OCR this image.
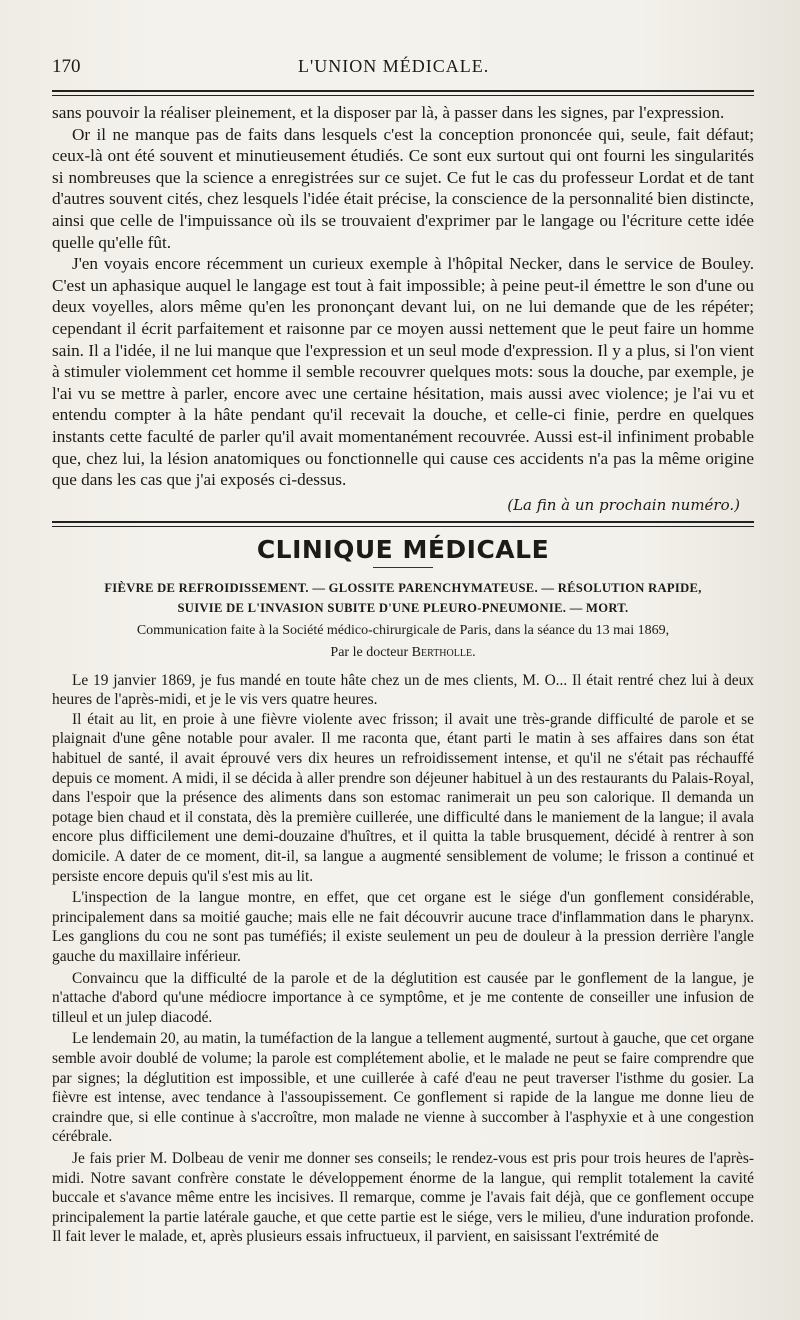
170	L'UNION MÉDICALE.

sans pouvoir la réaliser pleinement, et la disposer par là, à passer dans les signes, par l'expression.

Or il ne manque pas de faits dans lesquels c'est la conception prononcée qui, seule, fait défaut; ceux-là ont été souvent et minutieusement étudiés. Ce sont eux surtout qui ont fourni les singularités si nombreuses que la science a enregistrées sur ce sujet. Ce fut le cas du professeur Lordat et de tant d'autres souvent cités, chez lesquels l'idée était précise, la conscience de la personnalité bien distincte, ainsi que celle de l'impuissance où ils se trouvaient d'exprimer par le langage ou l'écriture cette idée quelle qu'elle fût.

J'en voyais encore récemment un curieux exemple à l'hôpital Necker, dans le service de Bouley. C'est un aphasique auquel le langage est tout à fait impossible; à peine peut-il émettre le son d'une ou deux voyelles, alors même qu'en les prononçant devant lui, on ne lui demande que de les répéter; cependant il écrit parfaitement et raisonne par ce moyen aussi nettement que le peut faire un homme sain. Il a l'idée, il ne lui manque que l'expression et un seul mode d'expression. Il y a plus, si l'on vient à stimuler violemment cet homme il semble recouvrer quelques mots: sous la douche, par exemple, je l'ai vu se mettre à parler, encore avec une certaine hésitation, mais aussi avec violence; je l'ai vu et entendu compter à la hâte pendant qu'il recevait la douche, et celle-ci finie, perdre en quelques instants cette faculté de parler qu'il avait momentanément recouvrée. Aussi est-il infiniment probable que, chez lui, la lésion anatomiques ou fonctionnelle qui cause ces accidents n'a pas la même origine que dans les cas que j'ai exposés ci-dessus.

(La fin à un prochain numéro.)

CLINIQUE MÉDICALE

FIÈVRE DE REFROIDISSEMENT. — GLOSSITE PARENCHYMATEUSE. — RÉSOLUTION RAPIDE,

SUIVIE DE L'INVASION SUBITE D'UNE PLEURO-PNEUMONIE. — MORT.

Communication faite à la Société médico-chirurgicale de Paris, dans la séance du 13 mai 1869,

Par le docteur Bertholle.

Le 19 janvier 1869, je fus mandé en toute hâte chez un de mes clients, M. O... Il était rentré chez lui à deux heures de l'après-midi, et je le vis vers quatre heures.

Il était au lit, en proie à une fièvre violente avec frisson; il avait une très-grande difficulté de parole et se plaignait d'une gêne notable pour avaler. Il me raconta que, étant parti le matin à ses affaires dans son état habituel de santé, il avait éprouvé vers dix heures un refroidissement intense, et qu'il ne s'était pas réchauffé depuis ce moment. A midi, il se décida à aller prendre son déjeuner habituel à un des restaurants du Palais-Royal, dans l'espoir que la présence des aliments dans son estomac ranimerait un peu son calorique. Il demanda un potage bien chaud et il constata, dès la première cuillerée, une difficulté dans le maniement de la langue; il avala encore plus difficilement une demi-douzaine d'huîtres, et il quitta la table brusquement, décidé à rentrer à son domicile. A dater de ce moment, dit-il, sa langue a augmenté sensiblement de volume; le frisson a continué et persiste encore depuis qu'il s'est mis au lit.

L'inspection de la langue montre, en effet, que cet organe est le siége d'un gonflement considérable, principalement dans sa moitié gauche; mais elle ne fait découvrir aucune trace d'inflammation dans le pharynx. Les ganglions du cou ne sont pas tuméfiés; il existe seulement un peu de douleur à la pression derrière l'angle gauche du maxillaire inférieur.

Convaincu que la difficulté de la parole et de la déglutition est causée par le gonflement de la langue, je n'attache d'abord qu'une médiocre importance à ce symptôme, et je me contente de conseiller une infusion de tilleul et un julep diacodé.

Le lendemain 20, au matin, la tuméfaction de la langue a tellement augmenté, surtout à gauche, que cet organe semble avoir doublé de volume; la parole est complétement abolie, et le malade ne peut se faire comprendre que par signes; la déglutition est impossible, et une cuillerée à café d'eau ne peut traverser l'isthme du gosier. La fièvre est intense, avec tendance à l'assoupissement. Ce gonflement si rapide de la langue me donne lieu de craindre que, si elle continue à s'accroître, mon malade ne vienne à succomber à l'asphyxie et à une congestion cérébrale.

Je fais prier M. Dolbeau de venir me donner ses conseils; le rendez-vous est pris pour trois heures de l'après-midi. Notre savant confrère constate le développement énorme de la langue, qui remplit totalement la cavité buccale et s'avance même entre les incisives. Il remarque, comme je l'avais fait déjà, que ce gonflement occupe principalement la partie latérale gauche, et que cette partie est le siége, vers le milieu, d'une induration profonde. Il fait lever le malade, et, après plusieurs essais infructueux, il parvient, en saisissant l'extrémité de
